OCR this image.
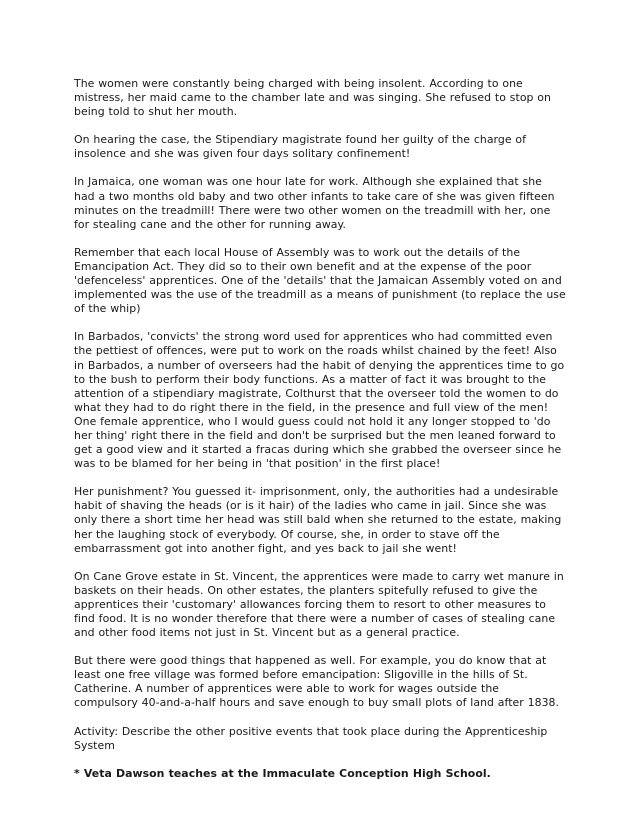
The women were constantly being charged with being insolent. According to one mistress, her maid came to the chamber late and was singing. She refused to stop on being told to shut her mouth.

On hearing the case, the Stipendiary magistrate found her guilty of the charge of insolence and she was given four days solitary confinement!

In Jamaica, one woman was one hour late for work. Although she explained that she had a two months old baby and two other infants to take care of she was given fifteen minutes on the treadmill! There were two other women on the treadmill with her, one for stealing cane and the other for running away.

Remember that each local House of Assembly was to work out the details of the Emancipation Act. They did so to their own benefit and at the expense of the poor 'defenceless' apprentices. One of the 'details' that the Jamaican Assembly voted on and implemented was the use of the treadmill as a means of punishment (to replace the use of the whip)

In Barbados, 'convicts' the strong word used for apprentices who had committed even the pettiest of offences, were put to work on the roads whilst chained by the feet! Also in Barbados, a number of overseers had the habit of denying the apprentices time to go to the bush to perform their body functions. As a matter of fact it was brought to the attention of a stipendiary magistrate, Colthurst that the overseer told the women to do what they had to do right there in the field, in the presence and full view of the men! One female apprentice, who I would guess could not hold it any longer stopped to 'do her thing' right there in the field and don't be surprised but the men leaned forward to get a good view and it started a fracas during which she grabbed the overseer since he was to be blamed for her being in 'that position' in the first place!

Her punishment? You guessed it- imprisonment, only, the authorities had a undesirable habit of shaving the heads (or is it hair) of the ladies who came in jail. Since she was only there a short time her head was still bald when she returned to the estate, making her the laughing stock of everybody. Of course, she, in order to stave off the embarrassment got into another fight, and yes back to jail she went!

On Cane Grove estate in St. Vincent, the apprentices were made to carry wet manure in baskets on their heads. On other estates, the planters spitefully refused to give the apprentices their 'customary' allowances forcing them to resort to other measures to find food. It is no wonder therefore that there were a number of cases of stealing cane and other food items not just in St. Vincent but as a general practice.

But there were good things that happened as well. For example, you do know that at least one free village was formed before emancipation: Sligoville in the hills of St. Catherine. A number of apprentices were able to work for wages outside the compulsory 40-and-a-half hours and save enough to buy small plots of land after 1838.

Activity: Describe the other positive events that took place during the Apprenticeship System

* Veta Dawson teaches at the Immaculate Conception High School.
